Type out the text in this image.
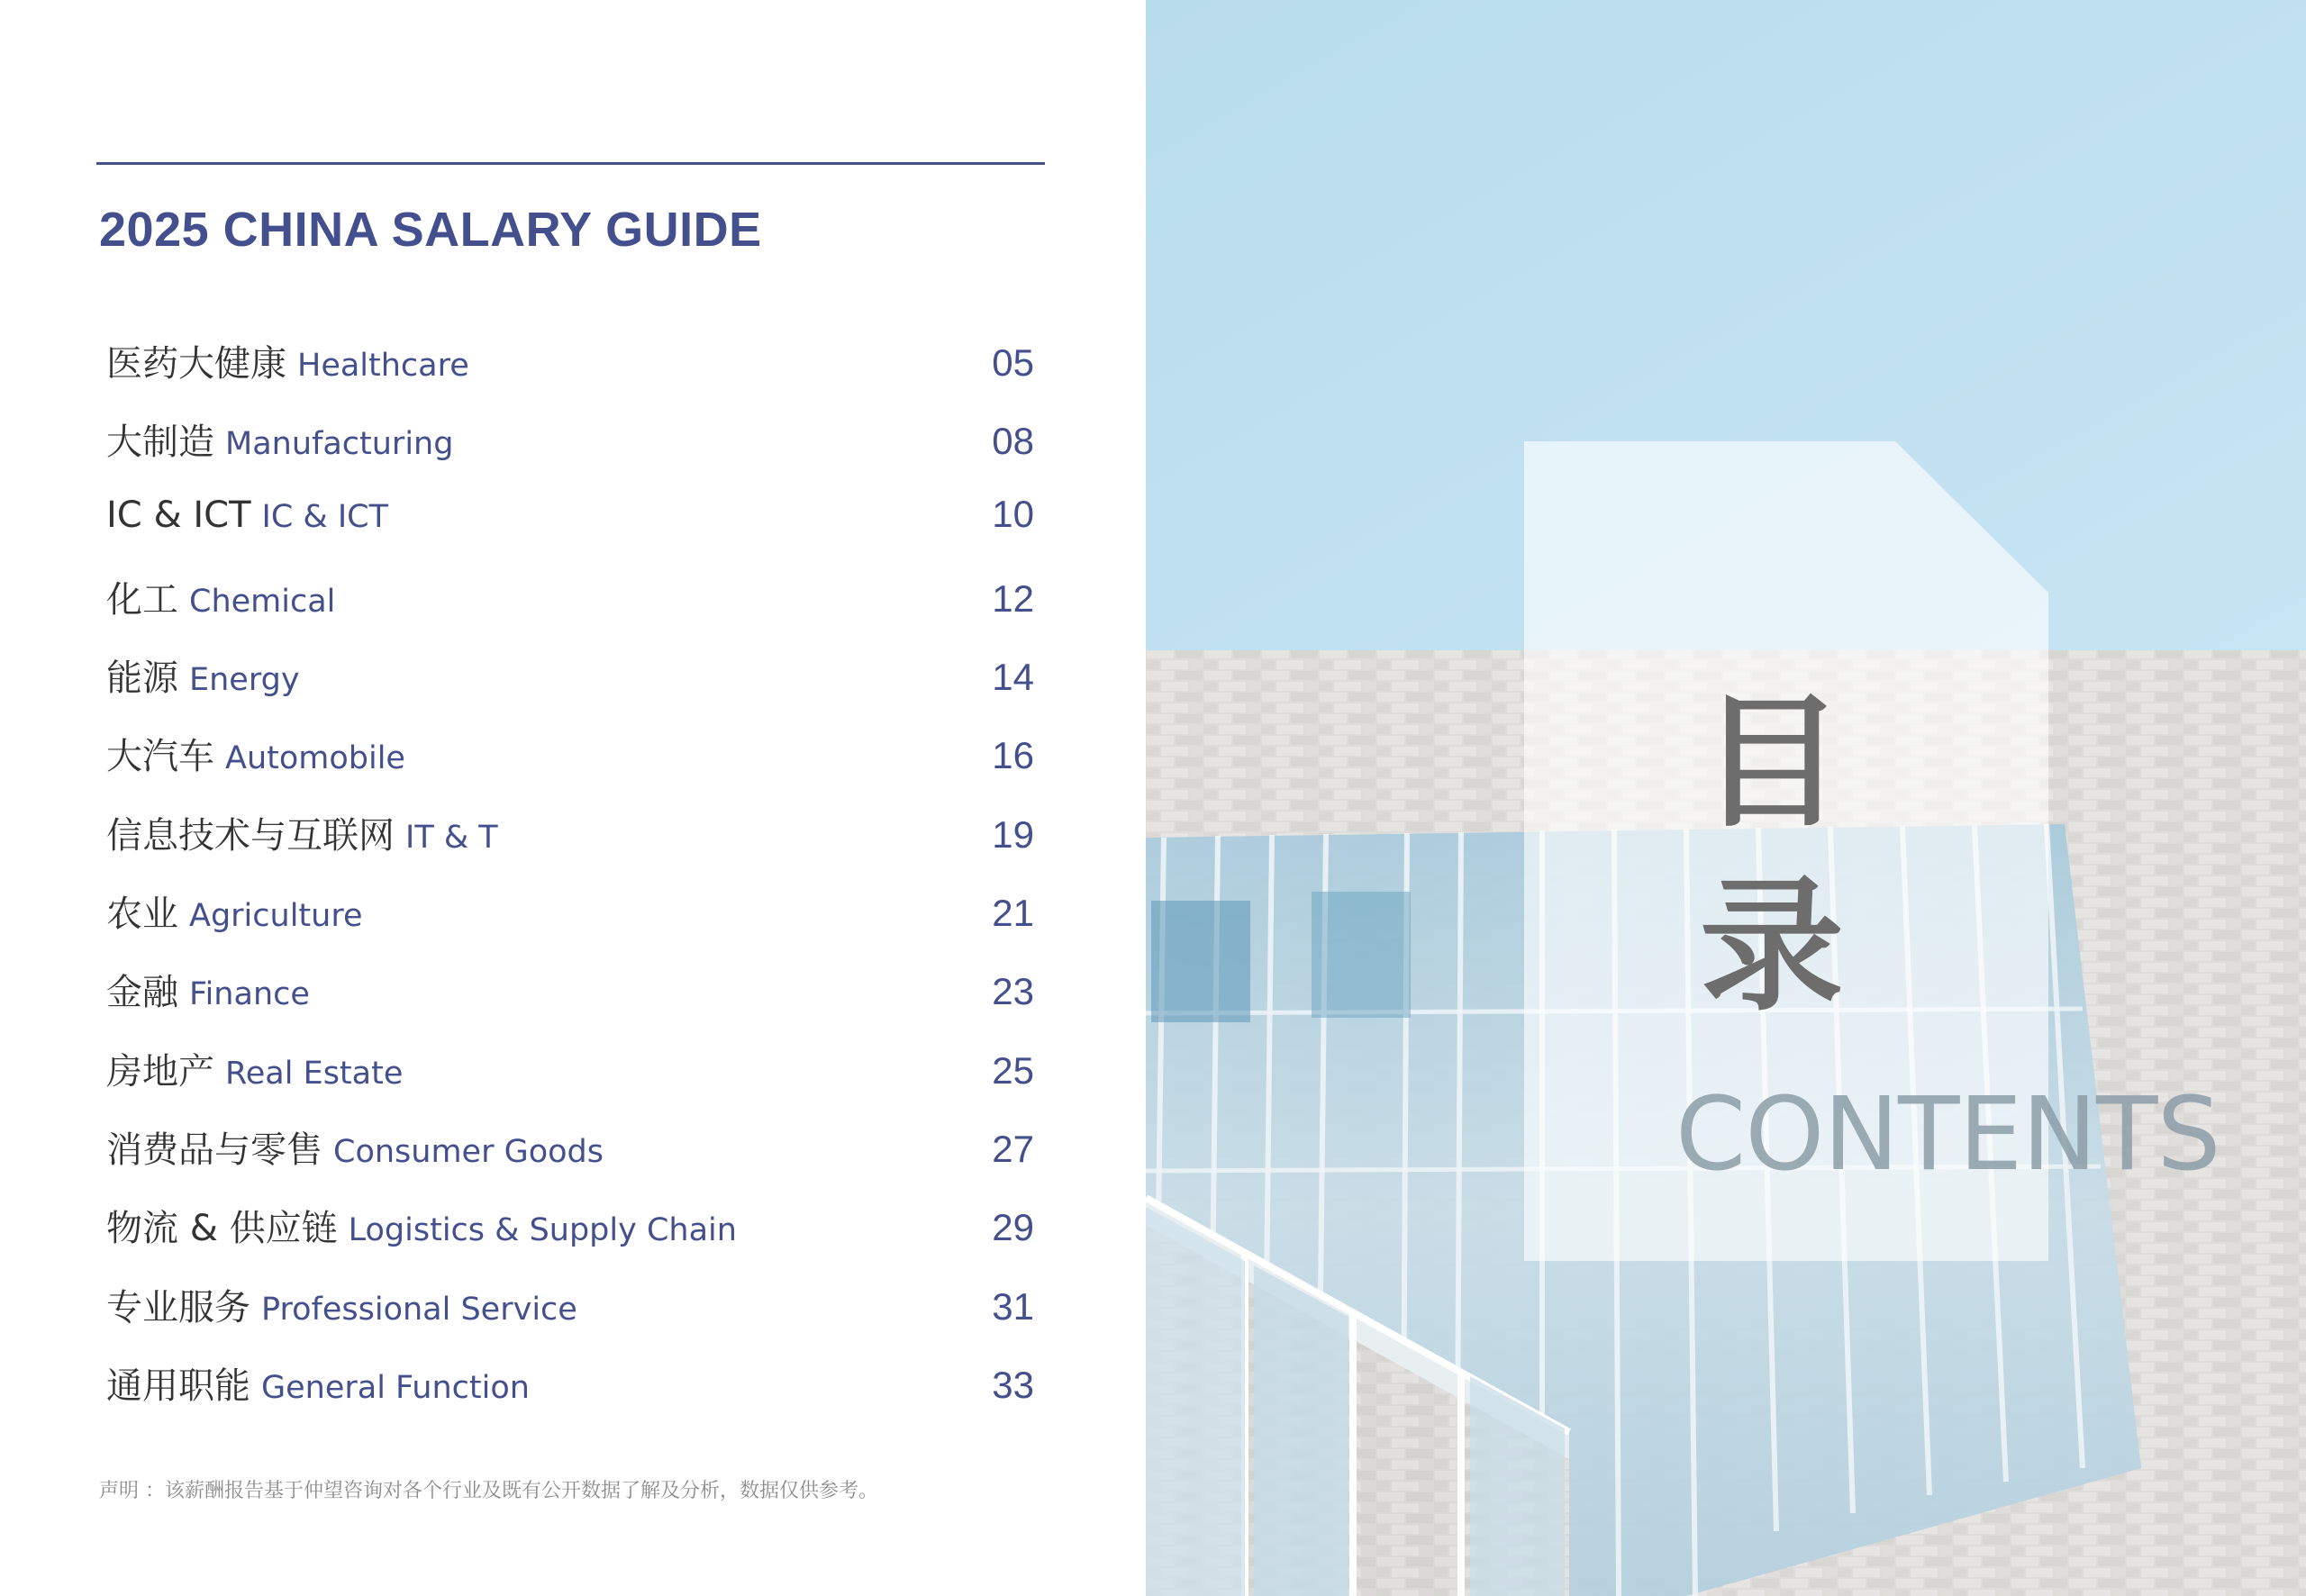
2025 CHINA SALARY GUIDE
医药大健康 Healthcare	05
大制造 Manufacturing	08
IC & ICT IC & ICT	10
化工 Chemical	12
能源 Energy	14
大汽车 Automobile	16
信息技术与互联网 IT & T	19
农业 Agriculture	21
金融 Finance	23
房地产 Real Estate	25
消费品与零售 Consumer Goods	27
物流 & 供应链 Logistics & Supply Chain	29
专业服务 Professional Service	31
通用职能 General Function	33

声明 ：该薪酬报告基于仲望咨询对各个行业及既有公开数据了解及分析，数据仅供参考。

目录
CONTENTS
